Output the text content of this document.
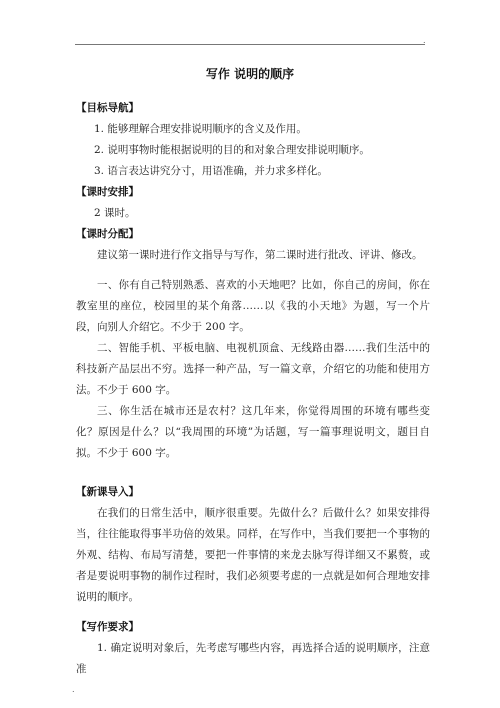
.
写作 说明的顺序

【目标导航】

1. 能够理解合理安排说明顺序的含义及作用。

2. 说明事物时能根据说明的目的和对象合理安排说明顺序。

3. 语言表达讲究分寸，用语准确，并力求多样化。

【课时安排】

2 课时。

【课时分配】

建议第一课时进行作文指导与写作，第二课时进行批改、评讲、修改。

一、你有自己特别熟悉、喜欢的小天地吧？比如，你自己的房间，你在教室里的座位，校园里的某个角落……以《我的小天地》为题，写一个片段，向别人介绍它。不少于 200 字。

二、智能手机、平板电脑、电视机顶盒、无线路由器……我们生活中的科技新产品层出不穷。选择一种产品，写一篇文章，介绍它的功能和使用方法。不少于 600 字。

三、你生活在城市还是农村？这几年来，你觉得周围的环境有哪些变化？原因是什么？以“我周围的环境”为话题，写一篇事理说明文，题目自拟。不少于 600 字。

【新课导入】

在我们的日常生活中，顺序很重要。先做什么？后做什么？如果安排得当，往往能取得事半功倍的效果。同样，在写作中，当我们要把一个事物的外观、结构、布局写清楚，要把一件事情的来龙去脉写得详细又不累赘，或者是要说明事物的制作过程时，我们必须要考虑的一点就是如何合理地安排说明的顺序。

【写作要求】

1. 确定说明对象后，先考虑写哪些内容，再选择合适的说明顺序，注意准

.
